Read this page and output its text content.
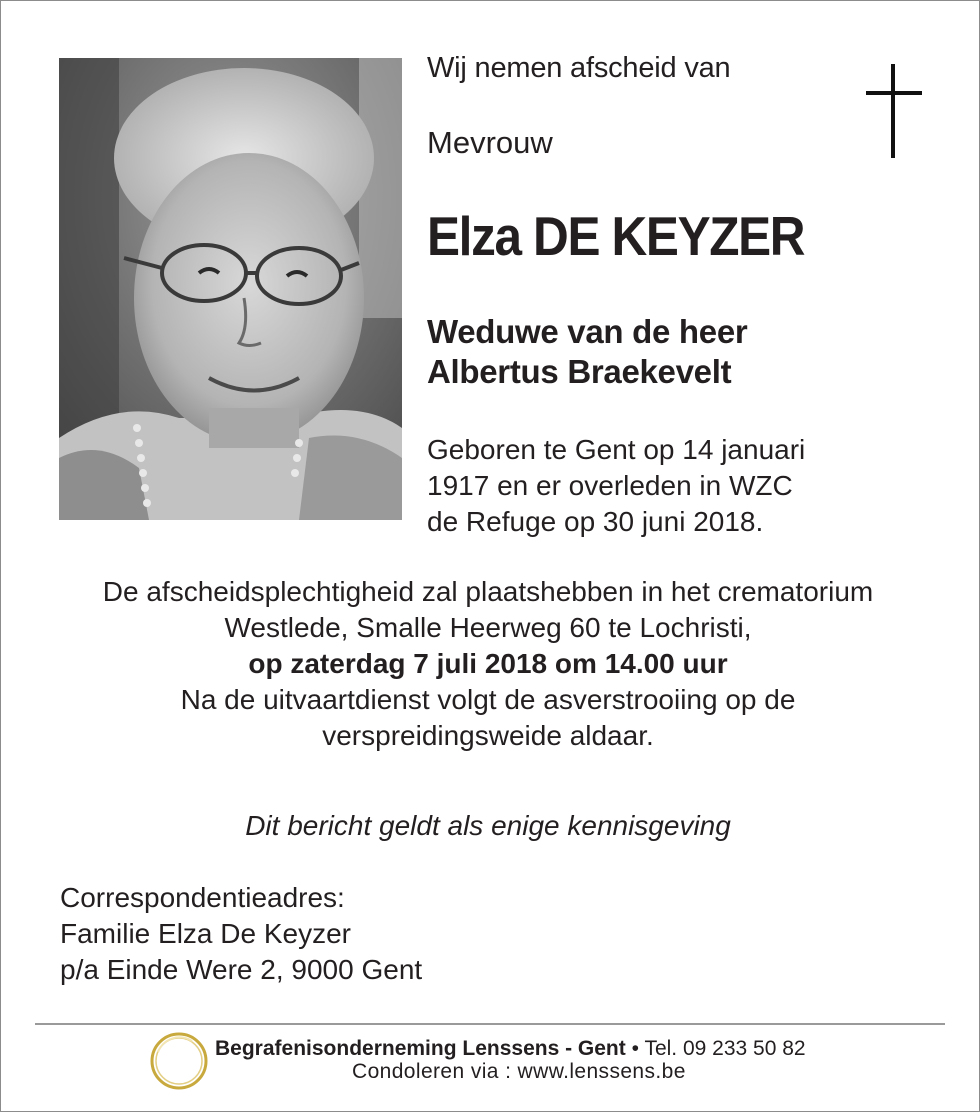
Wij nemen afscheid van
Mevrouw
Elza DE KEYZER
Weduwe van de heer
Albertus Braekevelt
Geboren te Gent op 14 januari
1917 en er overleden in WZC
de Refuge op 30 juni 2018.
De afscheidsplechtigheid zal plaatshebben in het crematorium
Westlede, Smalle Heerweg 60 te Lochristi,
op zaterdag 7 juli 2018 om 14.00 uur
Na de uitvaartdienst volgt de asverstrooiing op de
verspreidingsweide aldaar.
Dit bericht geldt als enige kennisgeving
Correspondentieadres:
Familie Elza De Keyzer
p/a Einde Were 2, 9000 Gent
Begrafenisonderneming Lenssens - Gent • Tel. 09 233 50 82
Condoleren via : www.lenssens.be
